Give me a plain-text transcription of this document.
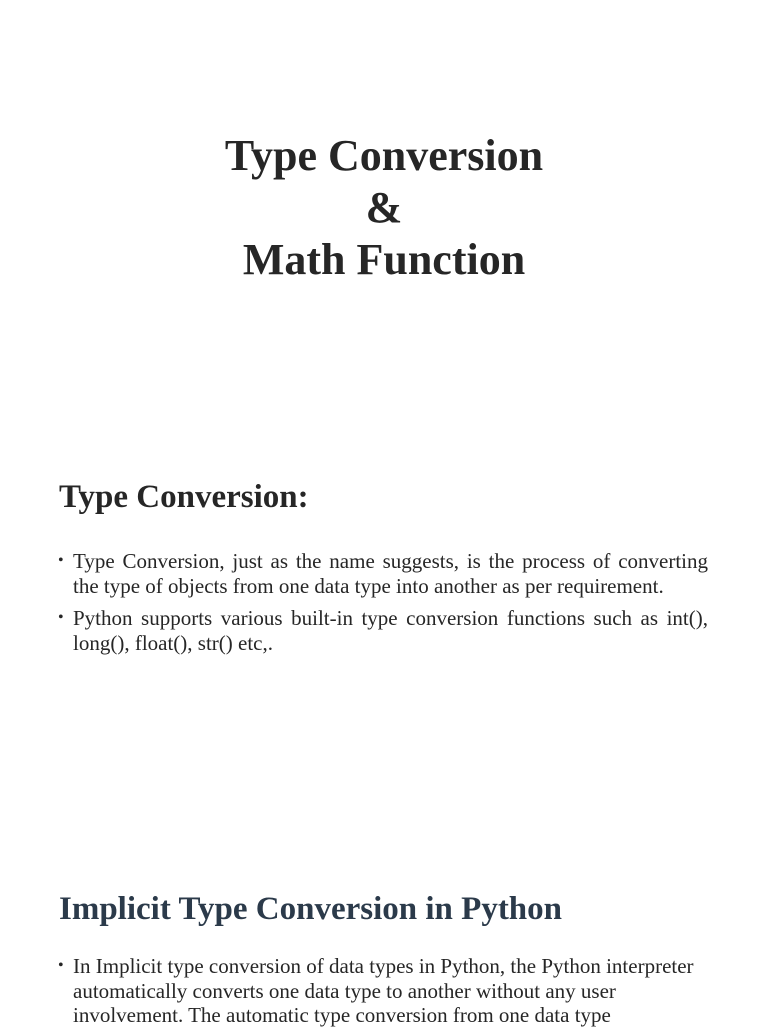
Type Conversion
&
Math Function
Type Conversion:
• Type Conversion, just as the name suggests, is the process of converting the type of objects from one data type into another as per requirement.
• Python supports various built-in type conversion functions such as int(), long(), float(), str() etc,.
Implicit Type Conversion in Python
• In Implicit type conversion of data types in Python, the Python interpreter automatically converts one data type to another without any user involvement. The automatic type conversion from one data type
